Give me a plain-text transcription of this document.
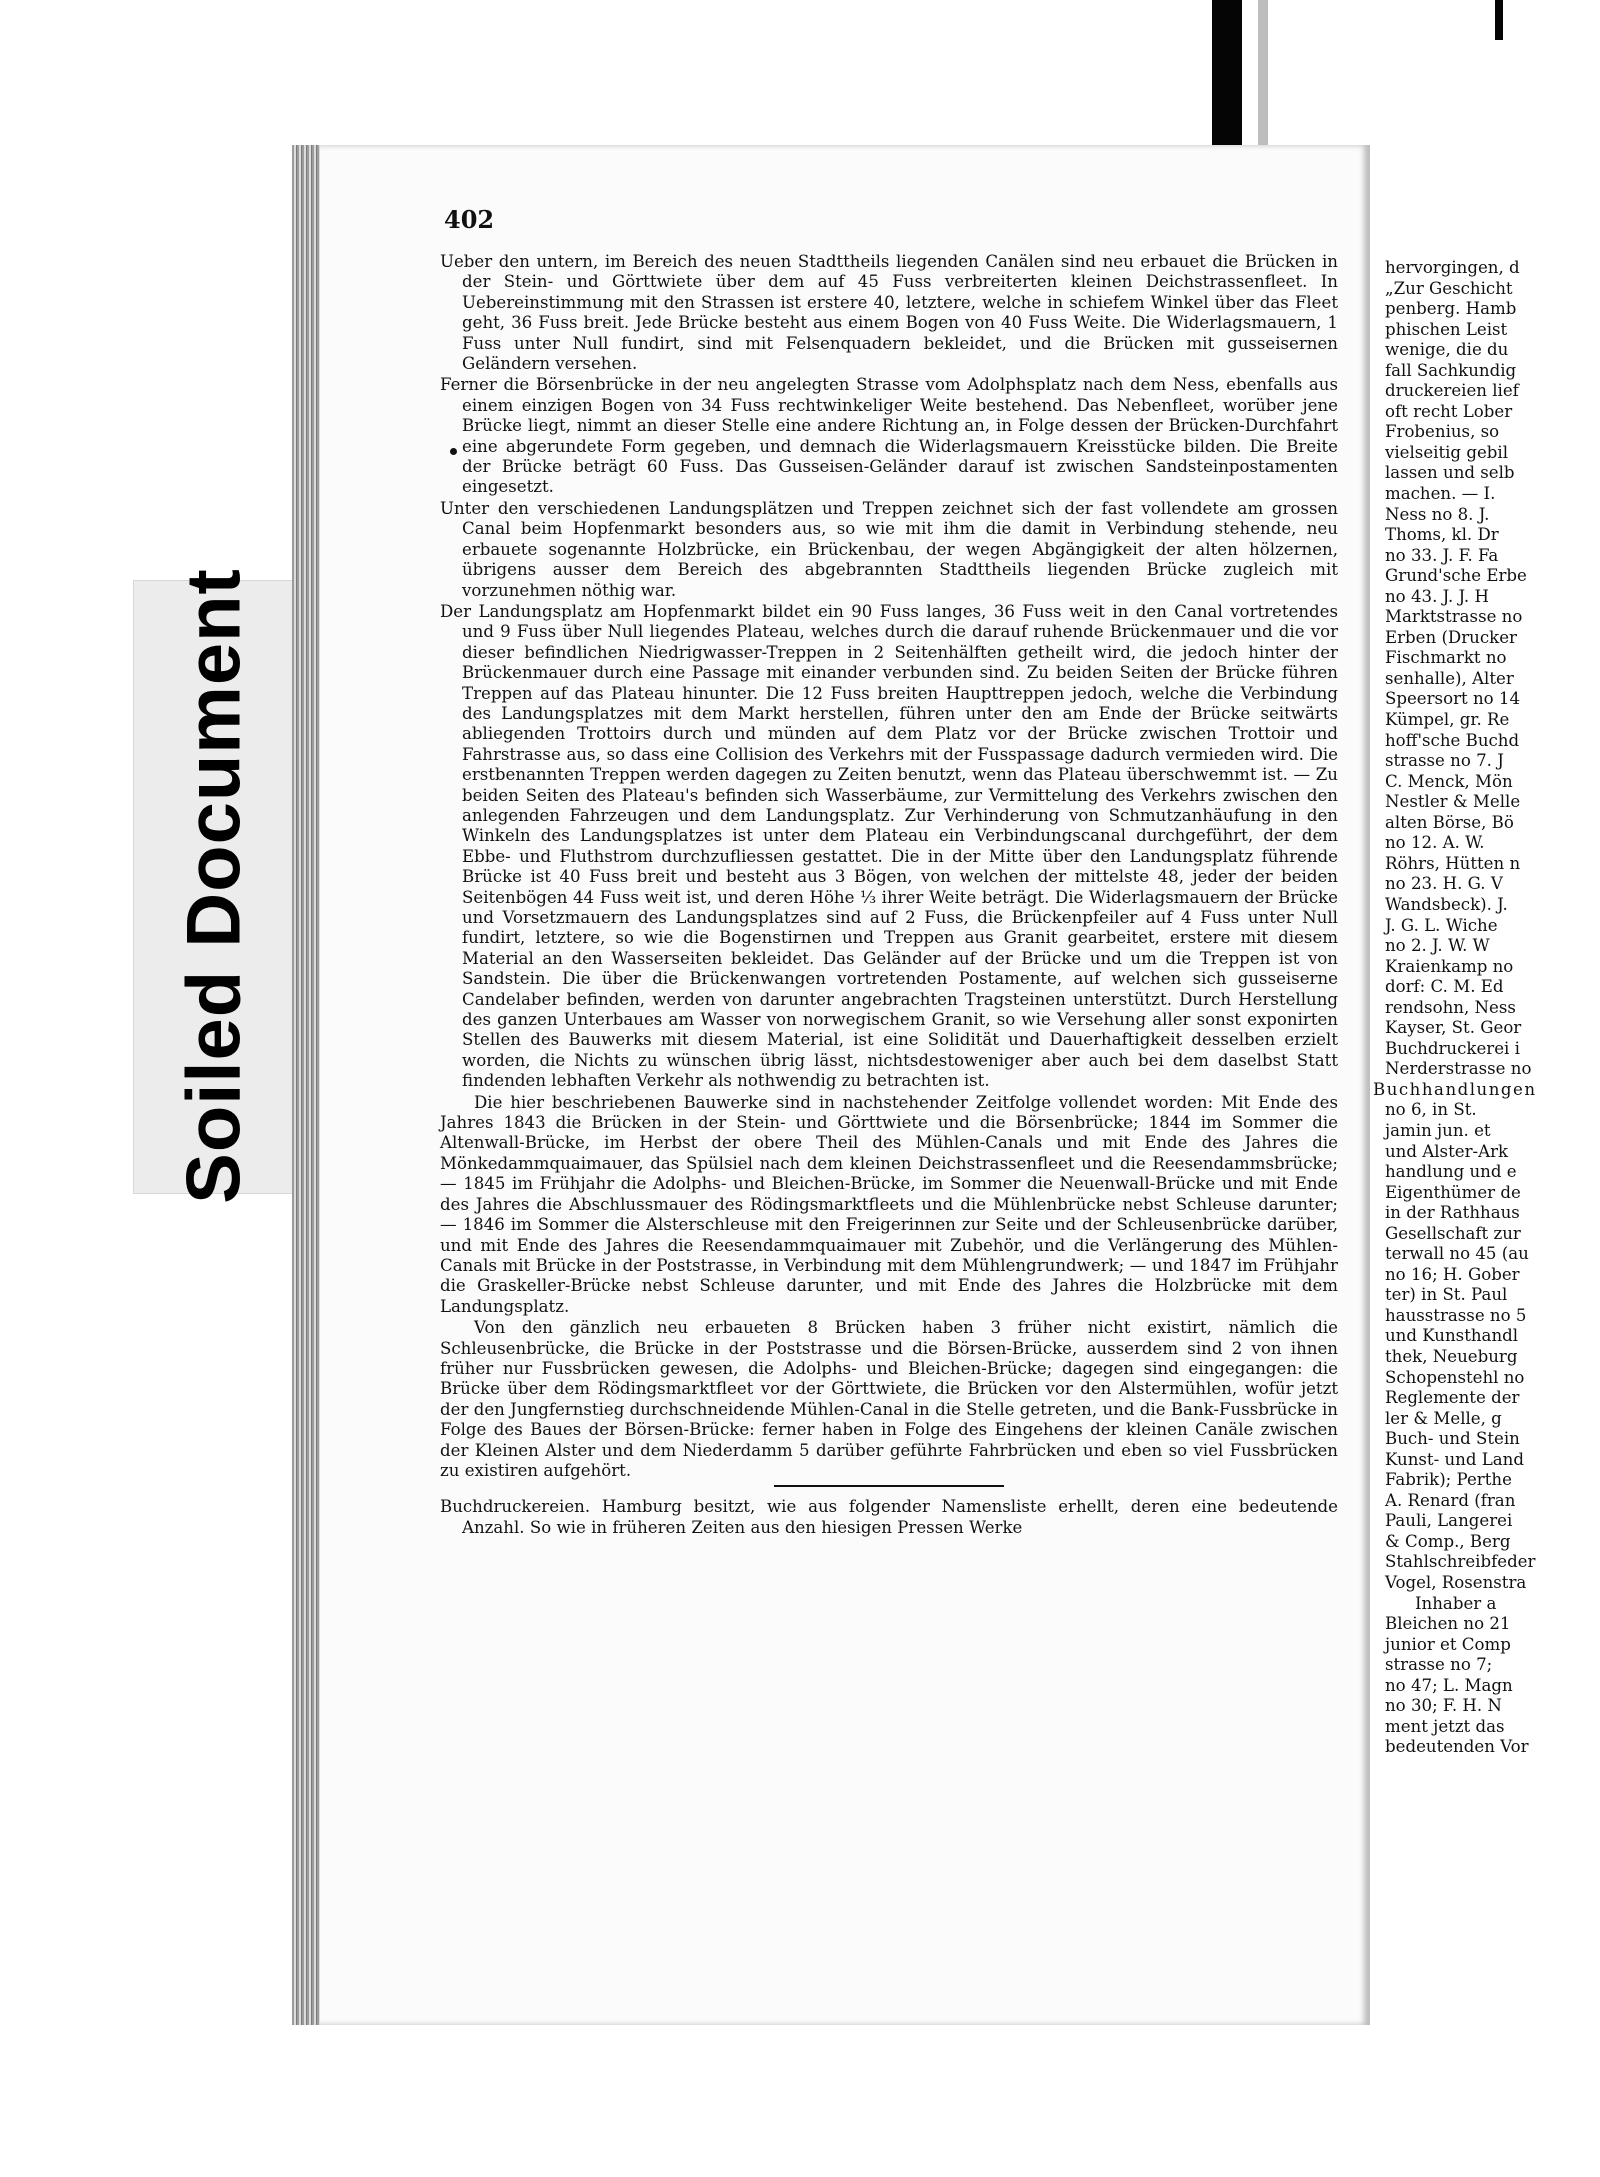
Soiled Document
402

Ueber den untern, im Bereich des neuen Stadttheils liegenden Canälen sind neu erbauet die Brücken in der Stein- und Görttwiete über dem auf 45 Fuss verbreiterten kleinen Deichstrassenfleet. In Uebereinstimmung mit den Strassen ist erstere 40, letztere, welche in schiefem Winkel über das Fleet geht, 36 Fuss breit. Jede Brücke besteht aus einem Bogen von 40 Fuss Weite. Die Widerlagsmauern, 1 Fuss unter Null fundirt, sind mit Felsenquadern bekleidet, und die Brücken mit gusseisernen Geländern versehen.

Ferner die Börsenbrücke in der neu angelegten Strasse vom Adolphsplatz nach dem Ness, ebenfalls aus einem einzigen Bogen von 34 Fuss rechtwinkeliger Weite bestehend. Das Nebenfleet, worüber jene Brücke liegt, nimmt an dieser Stelle eine andere Richtung an, in Folge dessen der Brücken-Durchfahrt eine abgerundete Form gegeben, und demnach die Widerlagsmauern Kreisstücke bilden. Die Breite der Brücke beträgt 60 Fuss. Das Gusseisen-Geländer darauf ist zwischen Sandsteinpostamenten eingesetzt.

Unter den verschiedenen Landungsplätzen und Treppen zeichnet sich der fast vollendete am grossen Canal beim Hopfenmarkt besonders aus, so wie mit ihm die damit in Verbindung stehende, neu erbauete sogenannte Holzbrücke, ein Brückenbau, der wegen Abgängigkeit der alten hölzernen, übrigens ausser dem Bereich des abgebrannten Stadttheils liegenden Brücke zugleich mit vorzunehmen nöthig war.

Der Landungsplatz am Hopfenmarkt bildet ein 90 Fuss langes, 36 Fuss weit in den Canal vortretendes und 9 Fuss über Null liegendes Plateau, welches durch die darauf ruhende Brückenmauer und die vor dieser befindlichen Niedrigwasser-Treppen in 2 Seitenhälften getheilt wird, die jedoch hinter der Brückenmauer durch eine Passage mit einander verbunden sind. Zu beiden Seiten der Brücke führen Treppen auf das Plateau hinunter. Die 12 Fuss breiten Haupttreppen jedoch, welche die Verbindung des Landungsplatzes mit dem Markt herstellen, führen unter den am Ende der Brücke seitwärts abliegenden Trottoirs durch und münden auf dem Platz vor der Brücke zwischen Trottoir und Fahrstrasse aus, so dass eine Collision des Verkehrs mit der Fusspassage dadurch vermieden wird. Die erstbenannten Treppen werden dagegen zu Zeiten benutzt, wenn das Plateau überschwemmt ist. — Zu beiden Seiten des Plateau's befinden sich Wasserbäume, zur Vermittelung des Verkehrs zwischen den anlegenden Fahrzeugen und dem Landungsplatz. Zur Verhinderung von Schmutzanhäufung in den Winkeln des Landungsplatzes ist unter dem Plateau ein Verbindungscanal durchgeführt, der dem Ebbe- und Fluthstrom durchzufliessen gestattet. Die in der Mitte über den Landungsplatz führende Brücke ist 40 Fuss breit und besteht aus 3 Bögen, von welchen der mittelste 48, jeder der beiden Seitenbögen 44 Fuss weit ist, und deren Höhe ⅓ ihrer Weite beträgt. Die Widerlagsmauern der Brücke und Vorsetzmauern des Landungsplatzes sind auf 2 Fuss, die Brückenpfeiler auf 4 Fuss unter Null fundirt, letztere, so wie die Bogenstirnen und Treppen aus Granit gearbeitet, erstere mit diesem Material an den Wasserseiten bekleidet. Das Geländer auf der Brücke und um die Treppen ist von Sandstein. Die über die Brückenwangen vortretenden Postamente, auf welchen sich gusseiserne Candelaber befinden, werden von darunter angebrachten Tragsteinen unterstützt. Durch Herstellung des ganzen Unterbaues am Wasser von norwegischem Granit, so wie Versehung aller sonst exponirten Stellen des Bauwerks mit diesem Material, ist eine Solidität und Dauerhaftigkeit desselben erzielt worden, die Nichts zu wünschen übrig lässt, nichtsdestoweniger aber auch bei dem daselbst Statt findenden lebhaften Verkehr als nothwendig zu betrachten ist.

Die hier beschriebenen Bauwerke sind in nachstehender Zeitfolge vollendet worden: Mit Ende des Jahres 1843 die Brücken in der Stein- und Görttwiete und die Börsenbrücke; 1844 im Sommer die Altenwall-Brücke, im Herbst der obere Theil des Mühlen-Canals und mit Ende des Jahres die Mönkedammquaimauer, das Spülsiel nach dem kleinen Deichstrassenfleet und die Reesendammsbrücke; — 1845 im Frühjahr die Adolphs- und Bleichen-Brücke, im Sommer die Neuenwall-Brücke und mit Ende des Jahres die Abschlussmauer des Rödingsmarktfleets und die Mühlenbrücke nebst Schleuse darunter; — 1846 im Sommer die Alsterschleuse mit den Freigerinnen zur Seite und der Schleusenbrücke darüber, und mit Ende des Jahres die Reesendammquaimauer mit Zubehör, und die Verlängerung des Mühlen-Canals mit Brücke in der Poststrasse, in Verbindung mit dem Mühlengrundwerk; — und 1847 im Frühjahr die Graskeller-Brücke nebst Schleuse darunter, und mit Ende des Jahres die Holzbrücke mit dem Landungsplatz.

Von den gänzlich neu erbaueten 8 Brücken haben 3 früher nicht existirt, nämlich die Schleusenbrücke, die Brücke in der Poststrasse und die Börsen-Brücke, ausserdem sind 2 von ihnen früher nur Fussbrücken gewesen, die Adolphs- und Bleichen-Brücke; dagegen sind eingegangen: die Brücke über dem Rödingsmarktfleet vor der Görttwiete, die Brücken vor den Alstermühlen, wofür jetzt der den Jungfernstieg durchschneidende Mühlen-Canal in die Stelle getreten, und die Bank-Fussbrücke in Folge des Baues der Börsen-Brücke: ferner haben in Folge des Eingehens der kleinen Canäle zwischen der Kleinen Alster und dem Niederdamm 5 darüber geführte Fahrbrücken und eben so viel Fussbrücken zu existiren aufgehört.

Buchdruckereien. Hamburg besitzt, wie aus folgender Namensliste erhellt, deren eine bedeutende Anzahl. So wie in früheren Zeiten aus den hiesigen Pressen Werke

hervorgingen, d
„Zur Geschicht
penberg. Hamb
phischen Leist
wenige, die du
fall Sachkundig
druckereien lief
oft recht Lober
Frobenius, so
vielseitig gebil
lassen und selb
machen. — I.
Ness no 8. J.
Thoms, kl. Dr
no 33. J. F. Fa
Grund'sche Erbe
no 43. J. J. H
Marktstrasse no
Erben (Drucker
Fischmarkt no
senhalle), Alter
Speersort no 14
Kümpel, gr. Re
hoff'sche Buchd
strasse no 7. J
C. Menck, Mön
Nestler & Melle
alten Börse, Bö
no 12. A. W.
Röhrs, Hütten n
no 23. H. G. V
Wandsbeck). J.
J. G. L. Wiche
no 2. J. W. W
Kraienkamp no
dorf: C. M. Ed
rendsohn, Ness
Kayser, St. Geor
Buchdruckerei i
Nerderstrasse no
Buchhandlungen
no 6, in St.
jamin jun. et
und Alster-Ark
handlung und e
Eigenthümer de
in der Rathhaus
Gesellschaft zur
terwall no 45 (au
no 16; H. Gober
ter) in St. Paul
hausstrasse no 5
und Kunsthandl
thek, Neueburg
Schopenstehl no
Reglemente der
ler & Melle, g
Buch- und Stein
Kunst- und Land
Fabrik); Perthe
A. Renard (fran
Pauli, Langerei
& Comp., Berg
Stahlschreibfeder
Vogel, Rosenstra
Inhaber a
Bleichen no 21
junior et Comp
strasse no 7;
no 47; L. Magn
no 30; F. H. N
ment jetzt das
bedeutenden Vor
